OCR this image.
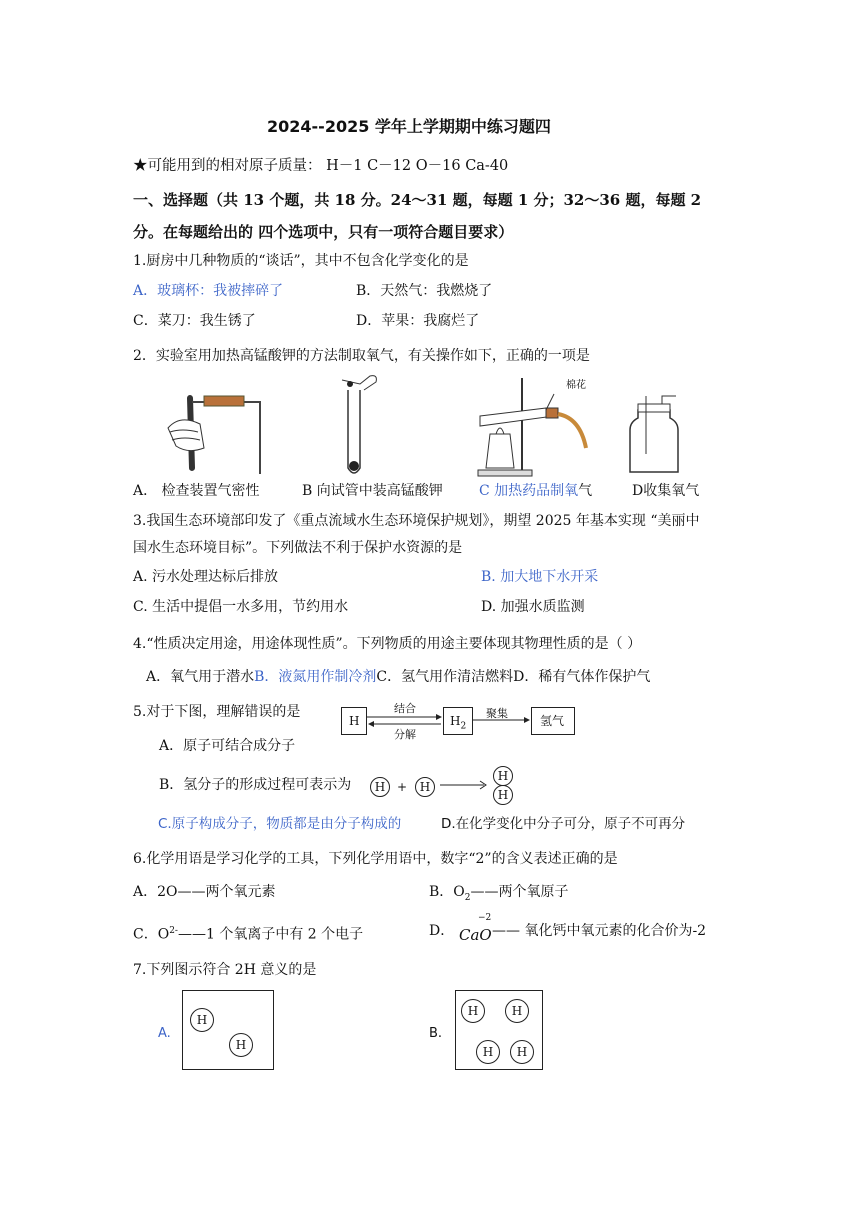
2024--2025 学年上学期期中练习题四
★可能用到的相对原子质量： H－1 C－12 O－16 Ca-40
一、选择题（共 13 个题，共 18 分。24～31 题，每题 1 分；32～36 题，每题 2
分。在每题给出的 四个选项中，只有一项符合题目要求）
1.厨房中几种物质的“谈话”，其中不包含化学变化的是
A．玻璃杯：我被摔碎了	B．天然气：我燃烧了
C．菜刀：我生锈了	D．苹果：我腐烂了
2．实验室用加热高锰酸钾的方法制取氧气，有关操作如下，正确的一项是
棉花
A． 检查装置气密性	B 向试管中装高锰酸钾	C 加热药品制氧气	D收集氧气
3.我国生态环境部印发了《重点流域水生态环境保护规划》，期望 2025 年基本实现 “美丽中
国水生态环境目标”。下列做法不利于保护水资源的是
A. 污水处理达标后排放	B. 加大地下水开采
C. 生活中提倡一水多用，节约用水	D. 加强水质监测
4.“性质决定用途，用途体现性质”。下列物质的用途主要体现其物理性质的是（ ）
A．氧气用于潜水B．液氮用作制冷剂C．氢气用作清洁燃料D．稀有气体作保护气
5.对于下图，理解错误的是
H	$H_2$	氢气
结合
分解
聚集
A．原子可结合成分子
B．氢分子的形成过程可表示为	H +	H
H
H
C.原子构成分子，物质都是由分子构成的	D.在化学变化中分子可分，原子不可再分
6.化学用语是学习化学的工具，下列化学用语中，数字“2”的含义表述正确的是
A．2O——两个氧元素	B．$O_2——$两个氧原子
C．$O^{2-}——1$ 个氧离子中有 2 个电子	D．
−2
CaO —— 氧化钙中氧元素的化合价为-2
7.下列图示符合 2H 意义的是
A.
H
H
B.
H	H
H	H
